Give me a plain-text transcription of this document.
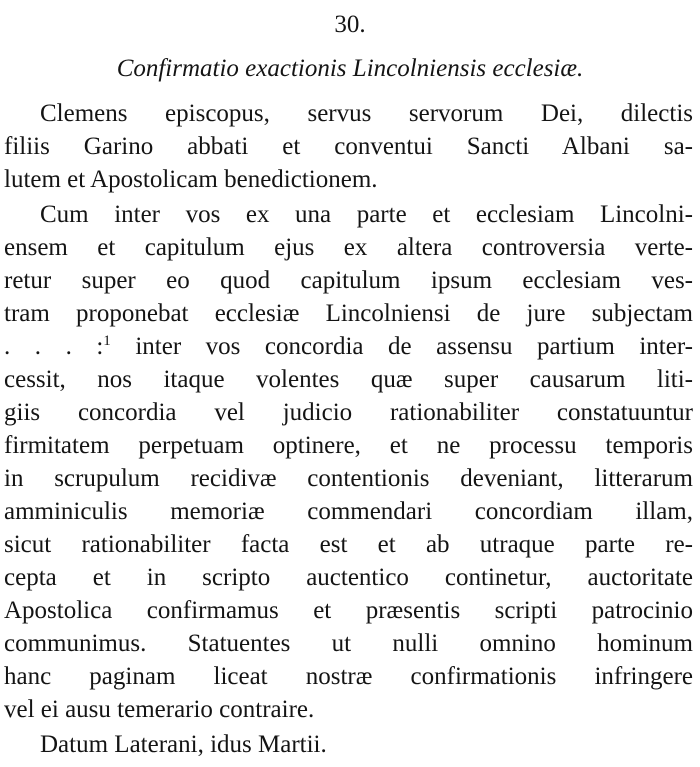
30.
Confirmatio exactionis Lincolniensis ecclesiæ.
Clemens episcopus, servus servorum Dei, dilectis
filiis Garino abbati et conventui Sancti Albani sa-
lutem et Apostolicam benedictionem.
Cum inter vos ex una parte et ecclesiam Lincolni-
ensem et capitulum ejus ex altera controversia verte-
retur super eo quod capitulum ipsum ecclesiam ves-
tram proponebat ecclesiæ Lincolniensi de jure subjectam
. . . :$^1$ inter vos concordia de assensu partium inter-
cessit, nos itaque volentes quæ super causarum liti-
giis concordia vel judicio rationabiliter constatuuntur
firmitatem perpetuam optinere, et ne processu temporis
in scrupulum recidivæ contentionis deveniant, litterarum
amminiculis memoriæ commendari concordiam illam,
sicut rationabiliter facta est et ab utraque parte re-
cepta et in scripto auctentico continetur, auctoritate
Apostolica confirmamus et præsentis scripti patrocinio
communimus. Statuentes ut nulli omnino hominum
hanc paginam liceat nostræ confirmationis infringere
vel ei ausu temerario contraire.
Datum Laterani, idus Martii.
